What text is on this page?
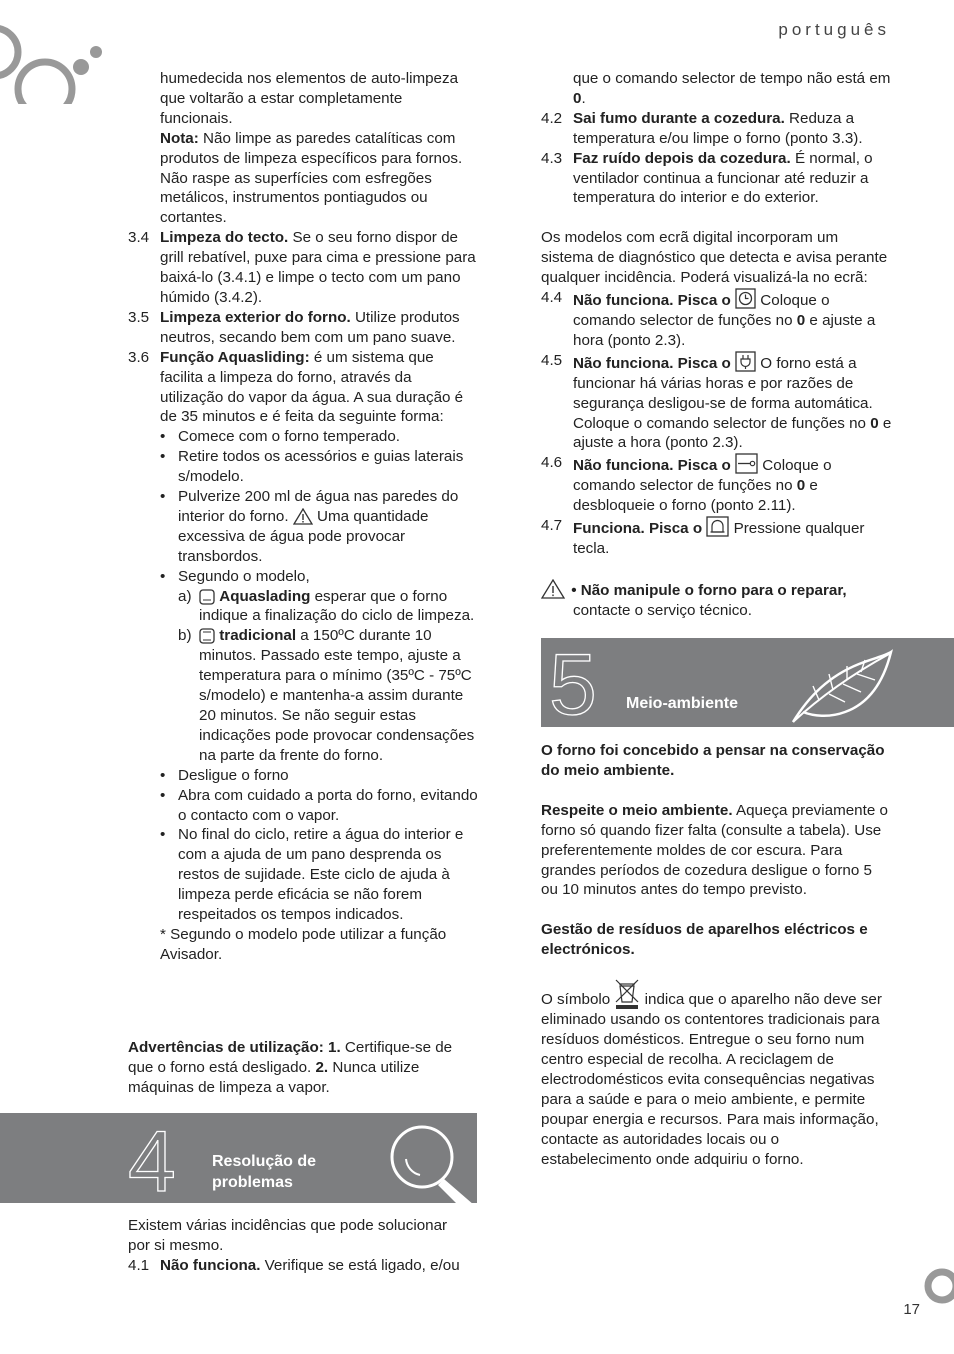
português

humedecida nos elementos de auto-limpeza que voltarão a estar completamente funcionais.

Nota: Não limpe as paredes catalíticas com produtos de limpeza específicos para fornos. Não raspe as superfícies com esfregões metálicos, instrumentos pontiagudos ou cortantes.

3.4 Limpeza do tecto. Se o seu forno dispor de grill rebatível, puxe para cima e pressione para baixá-lo (3.4.1) e limpe o tecto com um pano húmido (3.4.2).
3.5 Limpeza exterior do forno. Utilize produtos neutros, secando bem com um pano suave.
3.6 Função Aquasliding: é um sistema que facilita a limpeza do forno, através da utilização do vapor da água. A sua duração é de 35 minutos e é feita da seguinte forma:
• Comece com o forno temperado.
• Retire todos os acessórios e guias laterais s/modelo.
• Pulverize 200 ml de água nas paredes do interior do forno.  Uma quantidade excessiva de água pode provocar transbordos.
• Segundo o modelo,
a) Aquaslading esperar que o forno indique a finalização do ciclo de limpeza.
b) tradicional a 150ºC durante 10 minutos. Passado este tempo, ajuste a temperatura para o mínimo (35ºC - 75ºC s/modelo) e mantenha-a assim durante 20 minutos. Se não seguir estas indicações pode provocar condensações na parte da frente do forno.
• Desligue o forno
• Abra com cuidado a porta do forno, evitando o contacto com o vapor.
• No final do ciclo, retire a água do interior e com a ajuda de um pano desprenda os restos de sujidade. Este ciclo de ajuda à limpeza perde eficácia se não forem respeitados os tempos indicados.

* Segundo o modelo pode utilizar a função Avisador.

Advertências de utilização: 1. Certifique-se de que o forno está desligado. 2. Nunca utilize máquinas de limpeza a vapor.
4 Resolução de
problemas

Existem várias incidências que pode solucionar por si mesmo.

4.1 Não funciona. Verifique se está ligado, e/ou
que o comando selector de tempo não está em 0.
4.2 Sai fumo durante a cozedura. Reduza a temperatura e/ou limpe o forno (ponto 3.3).
4.3 Faz ruído depois da cozedura. É normal, o ventilador continua a funcionar até reduzir a temperatura do interior e do exterior.

Os modelos com ecrã digital incorporam um sistema de diagnóstico que detecta e avisa perante qualquer incidência. Poderá visualizá-la no ecrã:

4.4 Não funciona. Pisca o  Coloque o comando selector de funções no 0 e ajuste a hora (ponto 2.3).
4.5 Não funciona. Pisca o  O forno está a funcionar há várias horas e por razões de segurança desligou-se de forma automática. Coloque o comando selector de funções no 0 e ajuste a hora (ponto 2.3).
4.6 Não funciona. Pisca o  Coloque o comando selector de funções no 0 e desbloqueie o forno (ponto 2.11).
4.7 Funciona. Pisca o  Pressione qualquer tecla.
• Não manipule o forno para o reparar,
contacte o serviço técnico.
5 Meio-ambiente

O forno foi concebido a pensar na conservação do meio ambiente.

Respeite o meio ambiente. Aqueça previamente o forno só quando fizer falta (consulte a tabela). Use preferentemente moldes de cor escura. Para grandes períodos de cozedura desligue o forno 5 ou 10 minutos antes do tempo previsto.

Gestão de resíduos de aparelhos eléctricos e electrónicos.

O símbolo  indica que o aparelho não deve ser eliminado usando os contentores tradicionais para resíduos domésticos. Entregue o seu forno num centro especial de recolha. A reciclagem de electrodomésticos evita consequências negativas para a saúde e para o meio ambiente, e permite poupar energia e recursos. Para mais informação, contacte as autoridades locais ou o estabelecimento onde adquiriu o forno.

17
